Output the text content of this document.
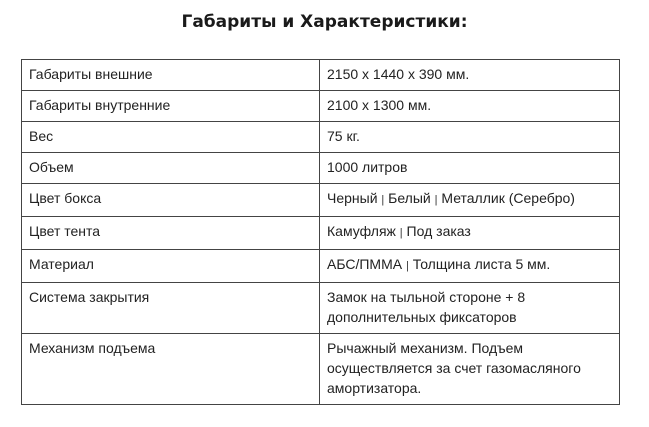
Габариты и Характеристики:
Габариты внешние	2150 х 1440 х 390 мм.
Габариты внутренние	2100 х 1300 мм.
Вес	75 кг.
Объем	1000 литров
Цвет бокса	Черный | Белый | Металлик (Серебро)
Цвет тента	Камуфляж | Под заказ
Материал	АБС/ПММА | Толщина листа 5 мм.
Система закрытия	Замок на тыльной стороне + 8 дополнительных фиксаторов
Механизм подъема	Рычажный механизм. Подъем осуществляется за счет газомасляного амортизатора.
